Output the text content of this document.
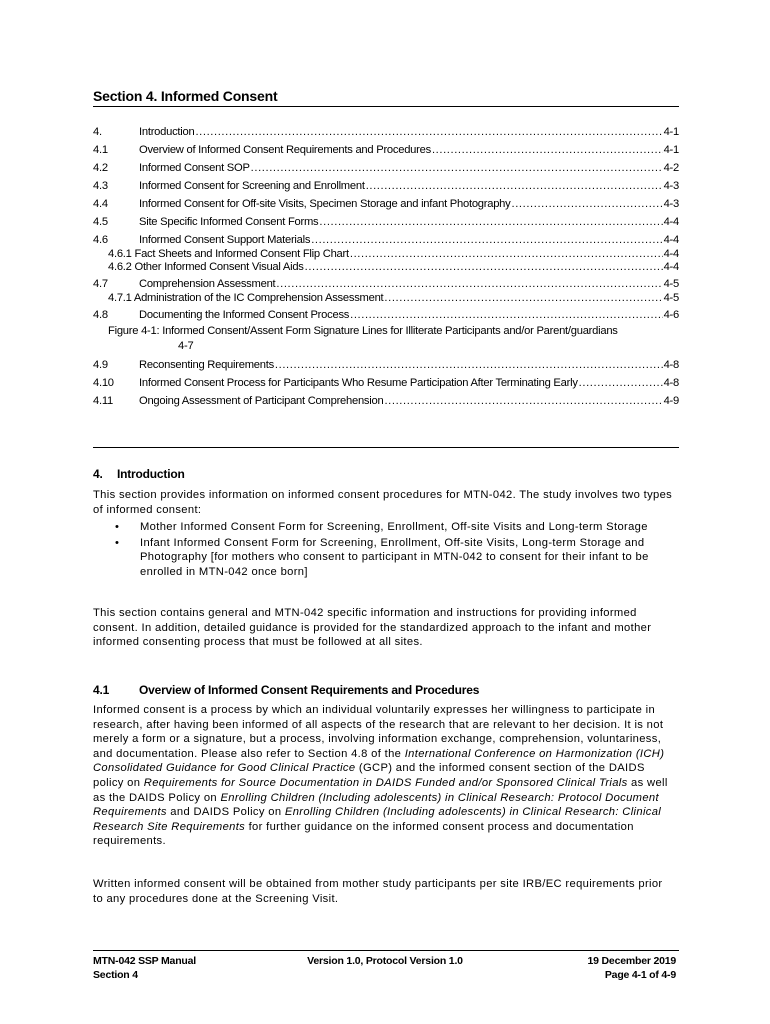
Section 4. Informed Consent
4.	Introduction .....	4-1
4.1	Overview of Informed Consent Requirements and Procedures .....	4-1
4.2	Informed Consent SOP .....	4-2
4.3	Informed Consent for Screening and Enrollment .....	4-3
4.4	Informed Consent for Off-site Visits, Specimen Storage and infant Photography .....	4-3
4.5	Site Specific Informed Consent Forms .....	4-4
4.6	Informed Consent Support Materials .....	4-4
4.6.1 Fact Sheets and Informed Consent Flip Chart .....	4-4
4.6.2 Other Informed Consent Visual Aids .....	4-4
4.7	Comprehension Assessment .....	4-5
4.7.1 Administration of the IC Comprehension Assessment .....	4-5
4.8	Documenting the Informed Consent Process .....	4-6
Figure 4-1: Informed Consent/Assent Form Signature Lines for Illiterate Participants and/or Parent/guardians
4-7
4.9	Reconsenting Requirements .....	4-8
4.10	Informed Consent Process for Participants Who Resume Participation After Terminating Early .....	4-8
4.11	Ongoing Assessment of Participant Comprehension .....	4-9
4. Introduction
This section provides information on informed consent procedures for MTN-042. The study involves two types of informed consent:
• Mother Informed Consent Form for Screening, Enrollment, Off-site Visits and Long-term Storage
• Infant Informed Consent Form for Screening, Enrollment, Off-site Visits, Long-term Storage and Photography [for mothers who consent to participant in MTN-042 to consent for their infant to be enrolled in MTN-042 once born]
This section contains general and MTN-042 specific information and instructions for providing informed consent. In addition, detailed guidance is provided for the standardized approach to the infant and mother informed consenting process that must be followed at all sites.
4.1 Overview of Informed Consent Requirements and Procedures
Informed consent is a process by which an individual voluntarily expresses her willingness to participate in research, after having been informed of all aspects of the research that are relevant to her decision. It is not merely a form or a signature, but a process, involving information exchange, comprehension, voluntariness, and documentation. Please also refer to Section 4.8 of the International Conference on Harmonization (ICH) Consolidated Guidance for Good Clinical Practice (GCP) and the informed consent section of the DAIDS policy on Requirements for Source Documentation in DAIDS Funded and/or Sponsored Clinical Trials as well as the DAIDS Policy on Enrolling Children (Including adolescents) in Clinical Research: Protocol Document Requirements and DAIDS Policy on Enrolling Children (Including adolescents) in Clinical Research: Clinical Research Site Requirements for further guidance on the informed consent process and documentation requirements.
Written informed consent will be obtained from mother study participants per site IRB/EC requirements prior to any procedures done at the Screening Visit.
MTN-042 SSP Manual
Section 4
Version 1.0, Protocol Version 1.0	19 December 2019
Page 4-1 of 4-9
